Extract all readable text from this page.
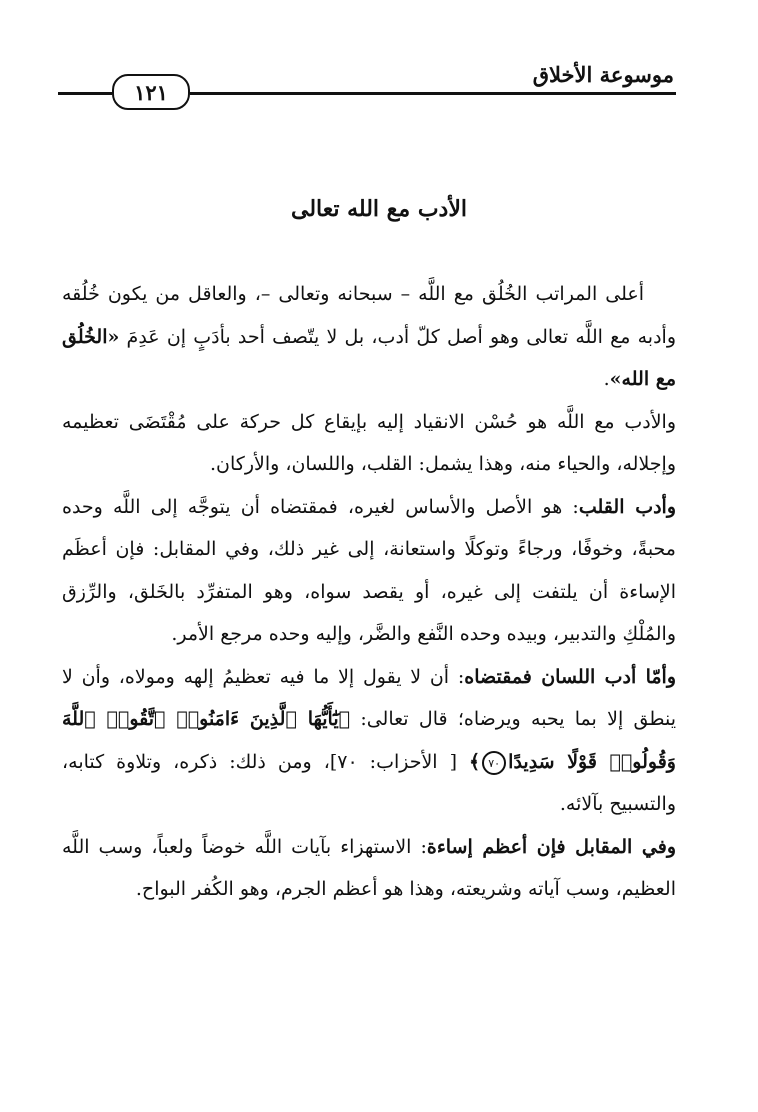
موسوعة الأخلاق
١٢١
الأدب مع الله تعالى

أعلى المراتب الخُلُق مع اللَّه – سبحانه وتعالى –، والعاقل من يكون خُلُقه وأدبه مع اللَّه تعالى وهو أصل كلّ أدب، بل لا يتّصف أحد بأدَبٍ إن عَدِمَ «الخُلُق مع الله».

والأدب مع اللَّه هو حُسْن الانقياد إليه بإيقاع كل حركة على مُقْتَضَى تعظيمه وإجلاله، والحياء منه، وهذا يشمل: القلب، واللسان، والأركان.

وأدب القلب: هو الأصل والأساس لغيره، فمقتضاه أن يتوجَّه إلى اللَّه وحده محبةً، وخوفًا، ورجاءً وتوكلًا واستعانة، إلى غير ذلك، وفي المقابل: فإن أعظَم الإساءة أن يلتفت إلى غيره، أو يقصد سواه، وهو المتفرِّد بالخَلق، والرِّزق والمُلْكِ والتدبير، وبيده وحده النَّفع والضَّر، وإليه وحده مرجع الأمر.

وأمّا أدب اللسان فمقتضاه: أن لا يقول إلا ما فيه تعظيمُ إلهه ومولاه، وأن لا ينطق إلا بما يحبه ويرضاه؛ قال تعالى: ﴿يَٰٓأَيُّهَا ٱلَّذِينَ ءَامَنُوا۟ ٱتَّقُوا۟ ٱللَّهَ وَقُولُوا۟ قَوْلًا سَدِيدًا٧٠﴾ [ الأحزاب: ٧٠]، ومن ذلك: ذكره، وتلاوة كتابه، والتسبيح بآلائه.

وفي المقابل فإن أعظم إساءة: الاستهزاء بآيات اللَّه خوضاً ولعباً، وسب اللَّه العظيم، وسب آياته وشريعته، وهذا هو أعظم الجرم، وهو الكُفر البواح.
